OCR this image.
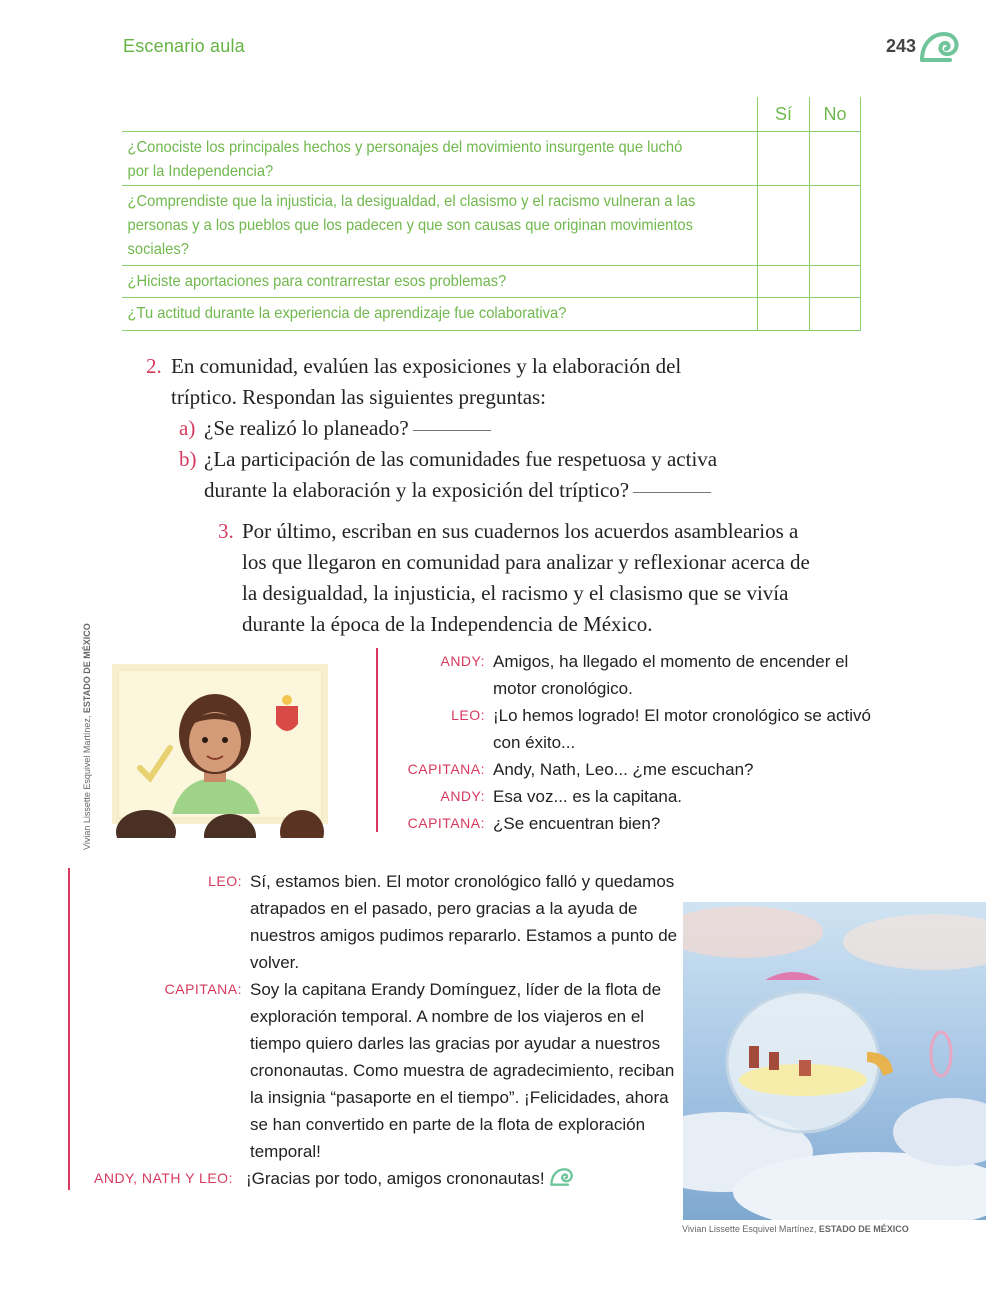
Escenario aula	243
Sí	No
¿Conociste los principales hechos y personajes del movimiento insurgente que luchó por la Independencia?
¿Comprendiste que la injusticia, la desigualdad, el clasismo y el racismo vulneran a las personas y a los pueblos que los padecen y que son causas que originan movimientos sociales?
¿Hiciste aportaciones para contrarrestar esos problemas?
¿Tu actitud durante la experiencia de aprendizaje fue colaborativa?
2. En comunidad, evalúen las exposiciones y la elaboración del tríptico. Respondan las siguientes preguntas:
a) ¿Se realizó lo planeado?
b) ¿La participación de las comunidades fue respetuosa y activa durante la elaboración y la exposición del tríptico?
3. Por último, escriban en sus cuadernos los acuerdos asamblearios a los que llegaron en comunidad para analizar y reflexionar acerca de la desigualdad, la injusticia, el racismo y el clasismo que se vivía durante la época de la Independencia de México.
ANDY: Amigos, ha llegado el momento de encender el motor cronológico.
LEO: ¡Lo hemos logrado! El motor cronológico se activó con éxito...
CAPITANA: Andy, Nath, Leo... ¿me escuchan?
ANDY: Esa voz... es la capitana.
CAPITANA: ¿Se encuentran bien?
Vivian Lissette Esquivel Martínez, ESTADO DE MÉXICO
LEO: Sí, estamos bien. El motor cronológico falló y quedamos atrapados en el pasado, pero gracias a la ayuda de nuestros amigos pudimos repararlo. Estamos a punto de volver.
CAPITANA: Soy la capitana Erandy Domínguez, líder de la flota de exploración temporal. A nombre de los viajeros en el tiempo quiero darles las gracias por ayudar a nuestros crononautas. Como muestra de agradecimiento, reciban la insignia “pasaporte en el tiempo”. ¡Felicidades, ahora se han convertido en parte de la flota de exploración temporal!
ANDY, NATH Y LEO: ¡Gracias por todo, amigos crononautas!
Vivian Lissette Esquivel Martínez, ESTADO DE MÉXICO
